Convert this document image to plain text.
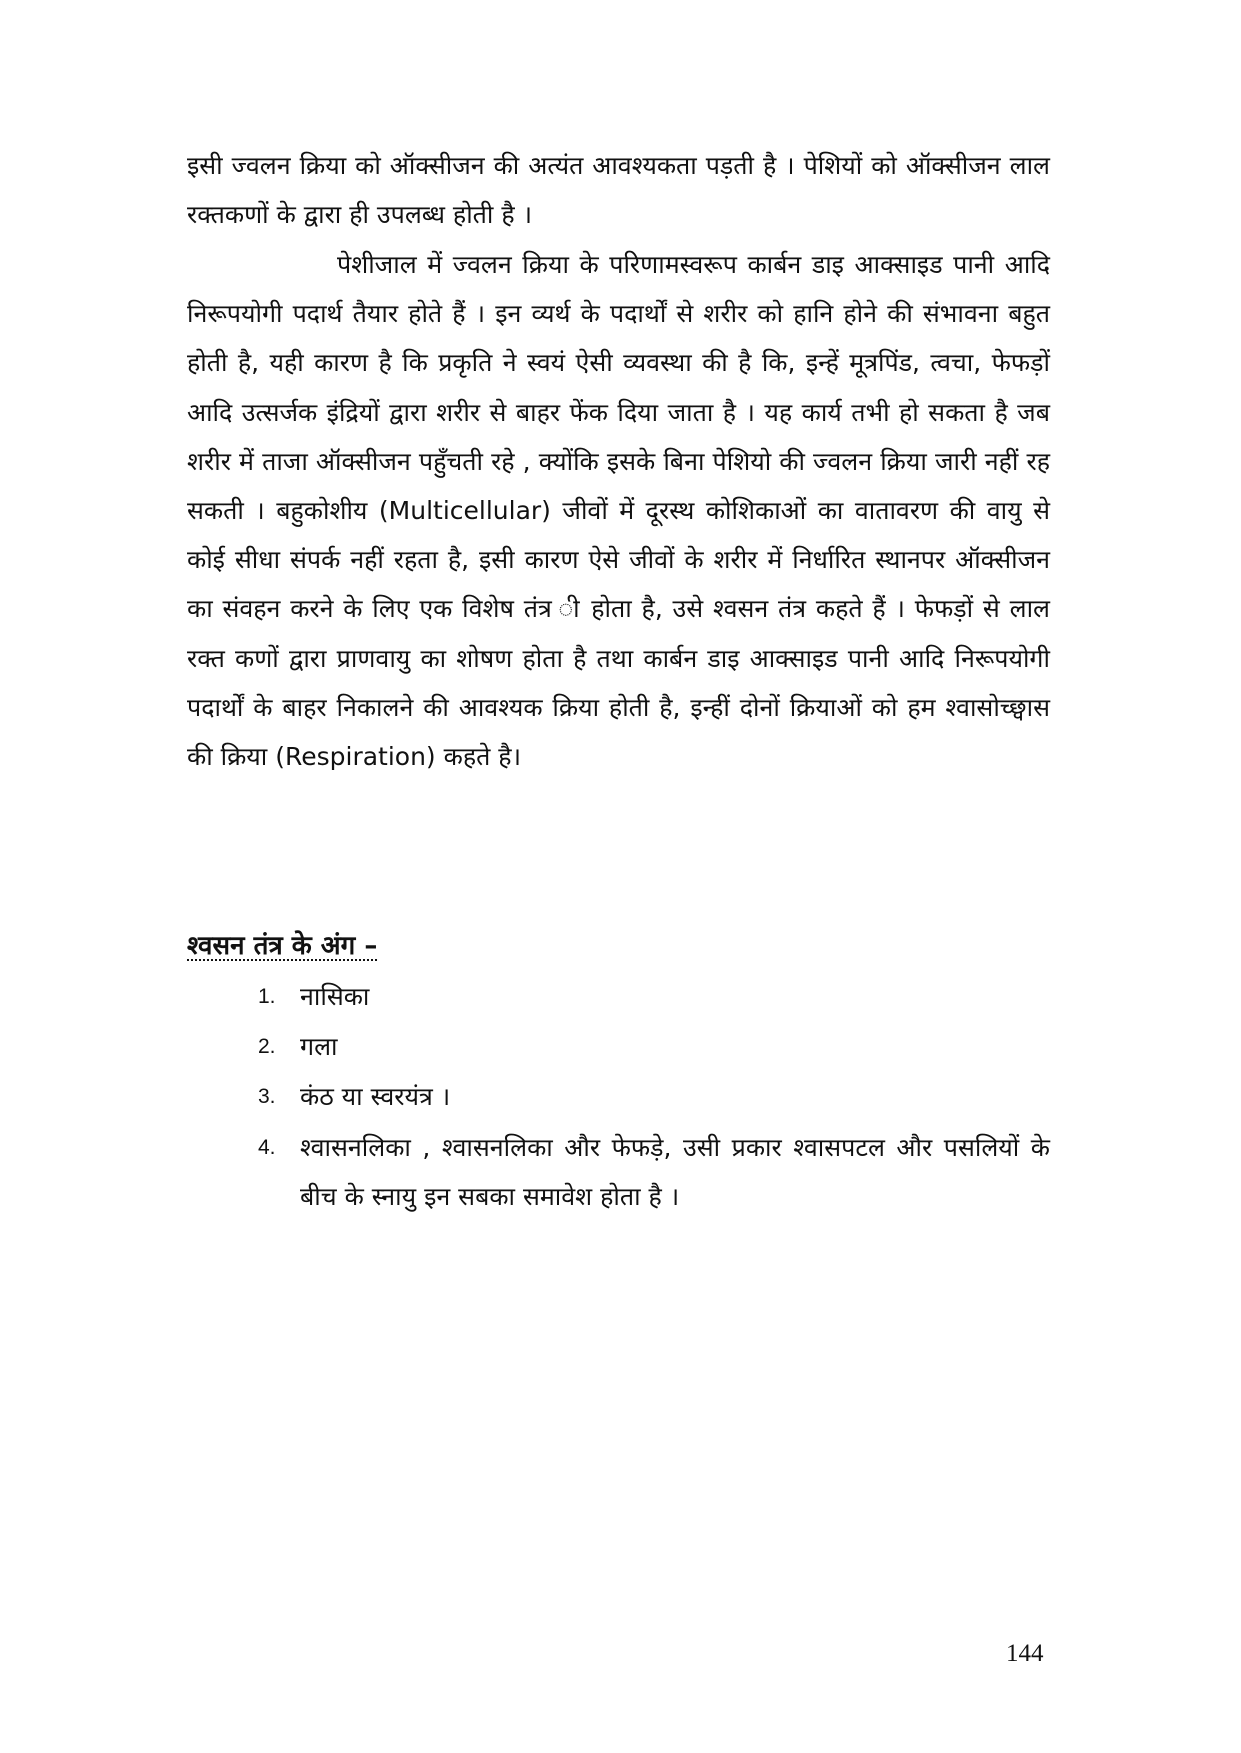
इसी ज्वलन क्रिया को ऑक्सीजन की अत्यंत आवश्यकता पड़ती है । पेशियों को ऑक्सीजन लाल रक्तकणों के द्वारा ही उपलब्ध होती है ।

पेशीजाल में ज्वलन क्रिया के परिणामस्वरूप कार्बन डाइ आक्साइड पानी आदि निरूपयोगी पदार्थ तैयार होते हैं । इन व्यर्थ के पदार्थों से शरीर को हानि होने की संभावना बहुत होती है, यही कारण है कि प्रकृति ने स्वयं ऐसी व्यवस्था की है कि, इन्हें मूत्रपिंड, त्वचा, फेफड़ों आदि उत्सर्जक इंद्रियों द्वारा शरीर से बाहर फेंक दिया जाता है । यह कार्य तभी हो सकता है जब शरीर में ताजा ऑक्सीजन पहुँचती रहे , क्योंकि इसके बिना पेशियो की ज्वलन क्रिया जारी नहीं रह सकती । बहुकोशीय (Multicellular) जीवों में दूरस्थ कोशिकाओं का वातावरण की वायु से कोई सीधा संपर्क नहीं रहता है, इसी कारण ऐसे जीवों के शरीर में निर्धारित स्थानपर ऑक्सीजन का संवहन करने के लिए एक विशेष तंत्र ी होता है, उसे श्वसन तंत्र कहते हैं । फेफड़ों से लाल रक्त कणों द्वारा प्राणवायु का शोषण होता है तथा कार्बन डाइ आक्साइड पानी आदि निरूपयोगी पदार्थों के बाहर निकालने की आवश्यक क्रिया होती है, इन्हीं दोनों क्रियाओं को हम श्वासोच्छ्वास की क्रिया (Respiration) कहते है।

श्वसन तंत्र के अंग –
1. नासिका
2. गला
3. कंठ या स्वरयंत्र ।
4. श्वासनलिका , श्वासनलिका और फेफड़े, उसी प्रकार श्वासपटल और पसलियों के बीच के स्नायु इन सबका समावेश होता है ।
144
